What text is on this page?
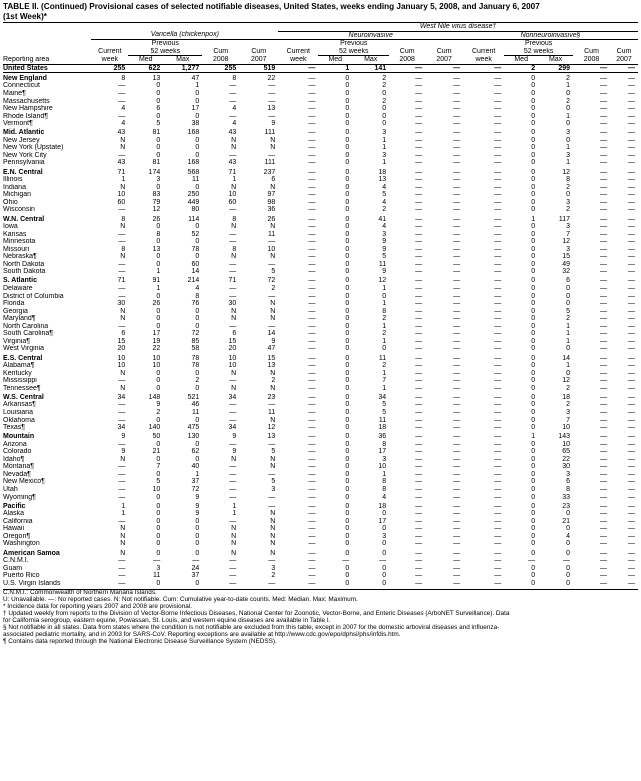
TABLE II. (Continued) Provisional cases of selected notifiable diseases, United States, weeks ending January 5, 2008, and January 6, 2007
(1st Week)*
						West Nile virus disease†									
	Varicella (chickenpox)					Neuroinvasive					Nonneuroinvasive§				
		Previous					Previous					Previous			
	Current	52 weeks		Cum	Cum	Current	52 weeks		Cum	Cum	Current	52 weeks		Cum	Cum
Reporting area	week	Med	Max	2008	2007	week	Med	Max	2008	2007	week	Med	Max	2008	2007
United States	255	622	1,277	255	519	—	1	141	—	—	—	2	299	—	—
New England	8	13	47	8	22	—	0	2	—	—	—	0	2	—	—
Connecticut	—	0	1	—	—	—	0	2	—	—	—	0	1	—	—
Maine¶	—	0	0	—	—	—	0	0	—	—	—	0	0	—	—
Massachusetts	—	0	0	—	—	—	0	2	—	—	—	0	2	—	—
New Hampshire	4	6	17	4	13	—	0	0	—	—	—	0	0	—	—
Rhode Island¶	—	0	0	—	—	—	0	0	—	—	—	0	1	—	—
Vermont¶	4	5	38	4	9	—	0	0	—	—	—	0	0	—	—
Mid. Atlantic	43	81	168	43	111	—	0	3	—	—	—	0	3	—	—
New Jersey	N	0	0	N	N	—	0	1	—	—	—	0	0	—	—
New York (Upstate)	N	0	0	N	N	—	0	1	—	—	—	0	1	—	—
New York City	—	0	0	—	—	—	0	3	—	—	—	0	3	—	—
Pennsylvania	43	81	168	43	111	—	0	1	—	—	—	0	1	—	—
E.N. Central	71	174	568	71	237	—	0	18	—	—	—	0	12	—	—
Illinois	1	3	11	1	6	—	0	13	—	—	—	0	8	—	—
Indiana	N	0	0	N	N	—	0	4	—	—	—	0	2	—	—
Michigan	10	83	250	10	97	—	0	5	—	—	—	0	0	—	—
Ohio	60	79	449	60	98	—	0	4	—	—	—	0	3	—	—
Wisconsin	—	12	80	—	36	—	0	2	—	—	—	0	2	—	—
W.N. Central	8	26	114	8	26	—	0	41	—	—	—	1	117	—	—
Iowa	N	0	0	N	N	—	0	4	—	—	—	0	3	—	—
Kansas	—	8	52	—	11	—	0	3	—	—	—	0	7	—	—
Minnesota	—	0	0	—	—	—	0	9	—	—	—	0	12	—	—
Missouri	8	13	78	8	10	—	0	9	—	—	—	0	3	—	—
Nebraska¶	N	0	0	N	N	—	0	5	—	—	—	0	15	—	—
North Dakota	—	0	60	—	—	—	0	11	—	—	—	0	49	—	—
South Dakota	—	1	14	—	5	—	0	9	—	—	—	0	32	—	—
S. Atlantic	71	91	214	71	72	—	0	12	—	—	—	0	6	—	—
Delaware	—	1	4	—	2	—	0	1	—	—	—	0	0	—	—
District of Columbia	—	0	8	—	—	—	0	0	—	—	—	0	0	—	—
Florida	30	26	76	30	N	—	0	1	—	—	—	0	0	—	—
Georgia	N	0	0	N	N	—	0	8	—	—	—	0	5	—	—
Maryland¶	N	0	0	N	N	—	0	2	—	—	—	0	2	—	—
North Carolina	—	0	0	—	—	—	0	1	—	—	—	0	1	—	—
South Carolina¶	6	17	72	6	14	—	0	2	—	—	—	0	1	—	—
Virginia¶	15	19	85	15	9	—	0	1	—	—	—	0	1	—	—
West Virginia	20	22	58	20	47	—	0	0	—	—	—	0	0	—	—
E.S. Central	10	10	78	10	15	—	0	11	—	—	—	0	14	—	—
Alabama¶	10	10	78	10	13	—	0	2	—	—	—	0	1	—	—
Kentucky	N	0	0	N	N	—	0	1	—	—	—	0	0	—	—
Mississippi	—	0	2	—	2	—	0	7	—	—	—	0	12	—	—
Tennessee¶	N	0	0	N	N	—	0	1	—	—	—	0	2	—	—
W.S. Central	34	148	521	34	23	—	0	34	—	—	—	0	18	—	—
Arkansas¶	—	9	46	—	—	—	0	5	—	—	—	0	2	—	—
Louisiana	—	2	11	—	11	—	0	5	—	—	—	0	3	—	—
Oklahoma	—	0	0	—	N	—	0	11	—	—	—	0	7	—	—
Texas¶	34	140	475	34	12	—	0	18	—	—	—	0	10	—	—
Mountain	9	50	130	9	13	—	0	36	—	—	—	1	143	—	—
Arizona	—	0	0	—	—	—	0	8	—	—	—	0	10	—	—
Colorado	9	21	62	9	5	—	0	17	—	—	—	0	65	—	—
Idaho¶	N	0	0	N	N	—	0	3	—	—	—	0	22	—	—
Montana¶	—	7	40	—	N	—	0	10	—	—	—	0	30	—	—
Nevada¶	—	0	1	—	—	—	0	1	—	—	—	0	3	—	—
New Mexico¶	—	5	37	—	5	—	0	8	—	—	—	0	6	—	—
Utah	—	10	72	—	3	—	0	8	—	—	—	0	8	—	—
Wyoming¶	—	0	9	—	—	—	0	4	—	—	—	0	33	—	—
Pacific	1	0	9	1	—	—	0	18	—	—	—	0	23	—	—
Alaska	1	0	9	1	N	—	0	0	—	—	—	0	0	—	—
California	—	0	0	—	N	—	0	17	—	—	—	0	21	—	—
Hawaii	N	0	0	N	N	—	0	0	—	—	—	0	0	—	—
Oregon¶	N	0	0	N	N	—	0	3	—	—	—	0	4	—	—
Washington	N	0	0	N	N	—	0	0	—	—	—	0	0	—	—
American Samoa	N	0	0	N	N	—	0	0	—	—	—	0	0	—	—
C.N.M.I.	—	—	—	—	—	—	—	—	—	—	—	—	—	—	—
Guam	—	3	24	—	3	—	0	0	—	—	—	0	0	—	—
Puerto Rico	—	11	37	—	2	—	0	0	—	—	—	0	0	—	—
U.S. Virgin Islands	—	0	0	—	—	—	0	0	—	—	—	0	0	—	—
C.N.M.I.: Commonwealth of Northern Mariana Islands.
U: Unavailable. —: No reported cases. N: Not notifiable. Cum: Cumulative year-to-date counts. Med: Median. Max: Maximum.
* Incidence data for reporting years 2007 and 2008 are provisional.
† Updated weekly from reports to the Division of Vector-Borne Infectious Diseases, National Center for Zoonotic, Vector-Borne, and Enteric Diseases (ArboNET Surveillance). Data
for California serogroup, eastern equine, Powassan, St. Louis, and western equine diseases are available in Table I.
§ Not notifiable in all states. Data from states where the condition is not notifiable are excluded from this table, except in 2007 for the domestic arboviral diseases and influenza-
associated pediatric mortality, and in 2003 for SARS-CoV. Reporting exceptions are available at http://www.cdc.gov/epo/dphsi/phs/infdis.htm.
¶ Contains data reported through the National Electronic Disease Surveillance System (NEDSS).
